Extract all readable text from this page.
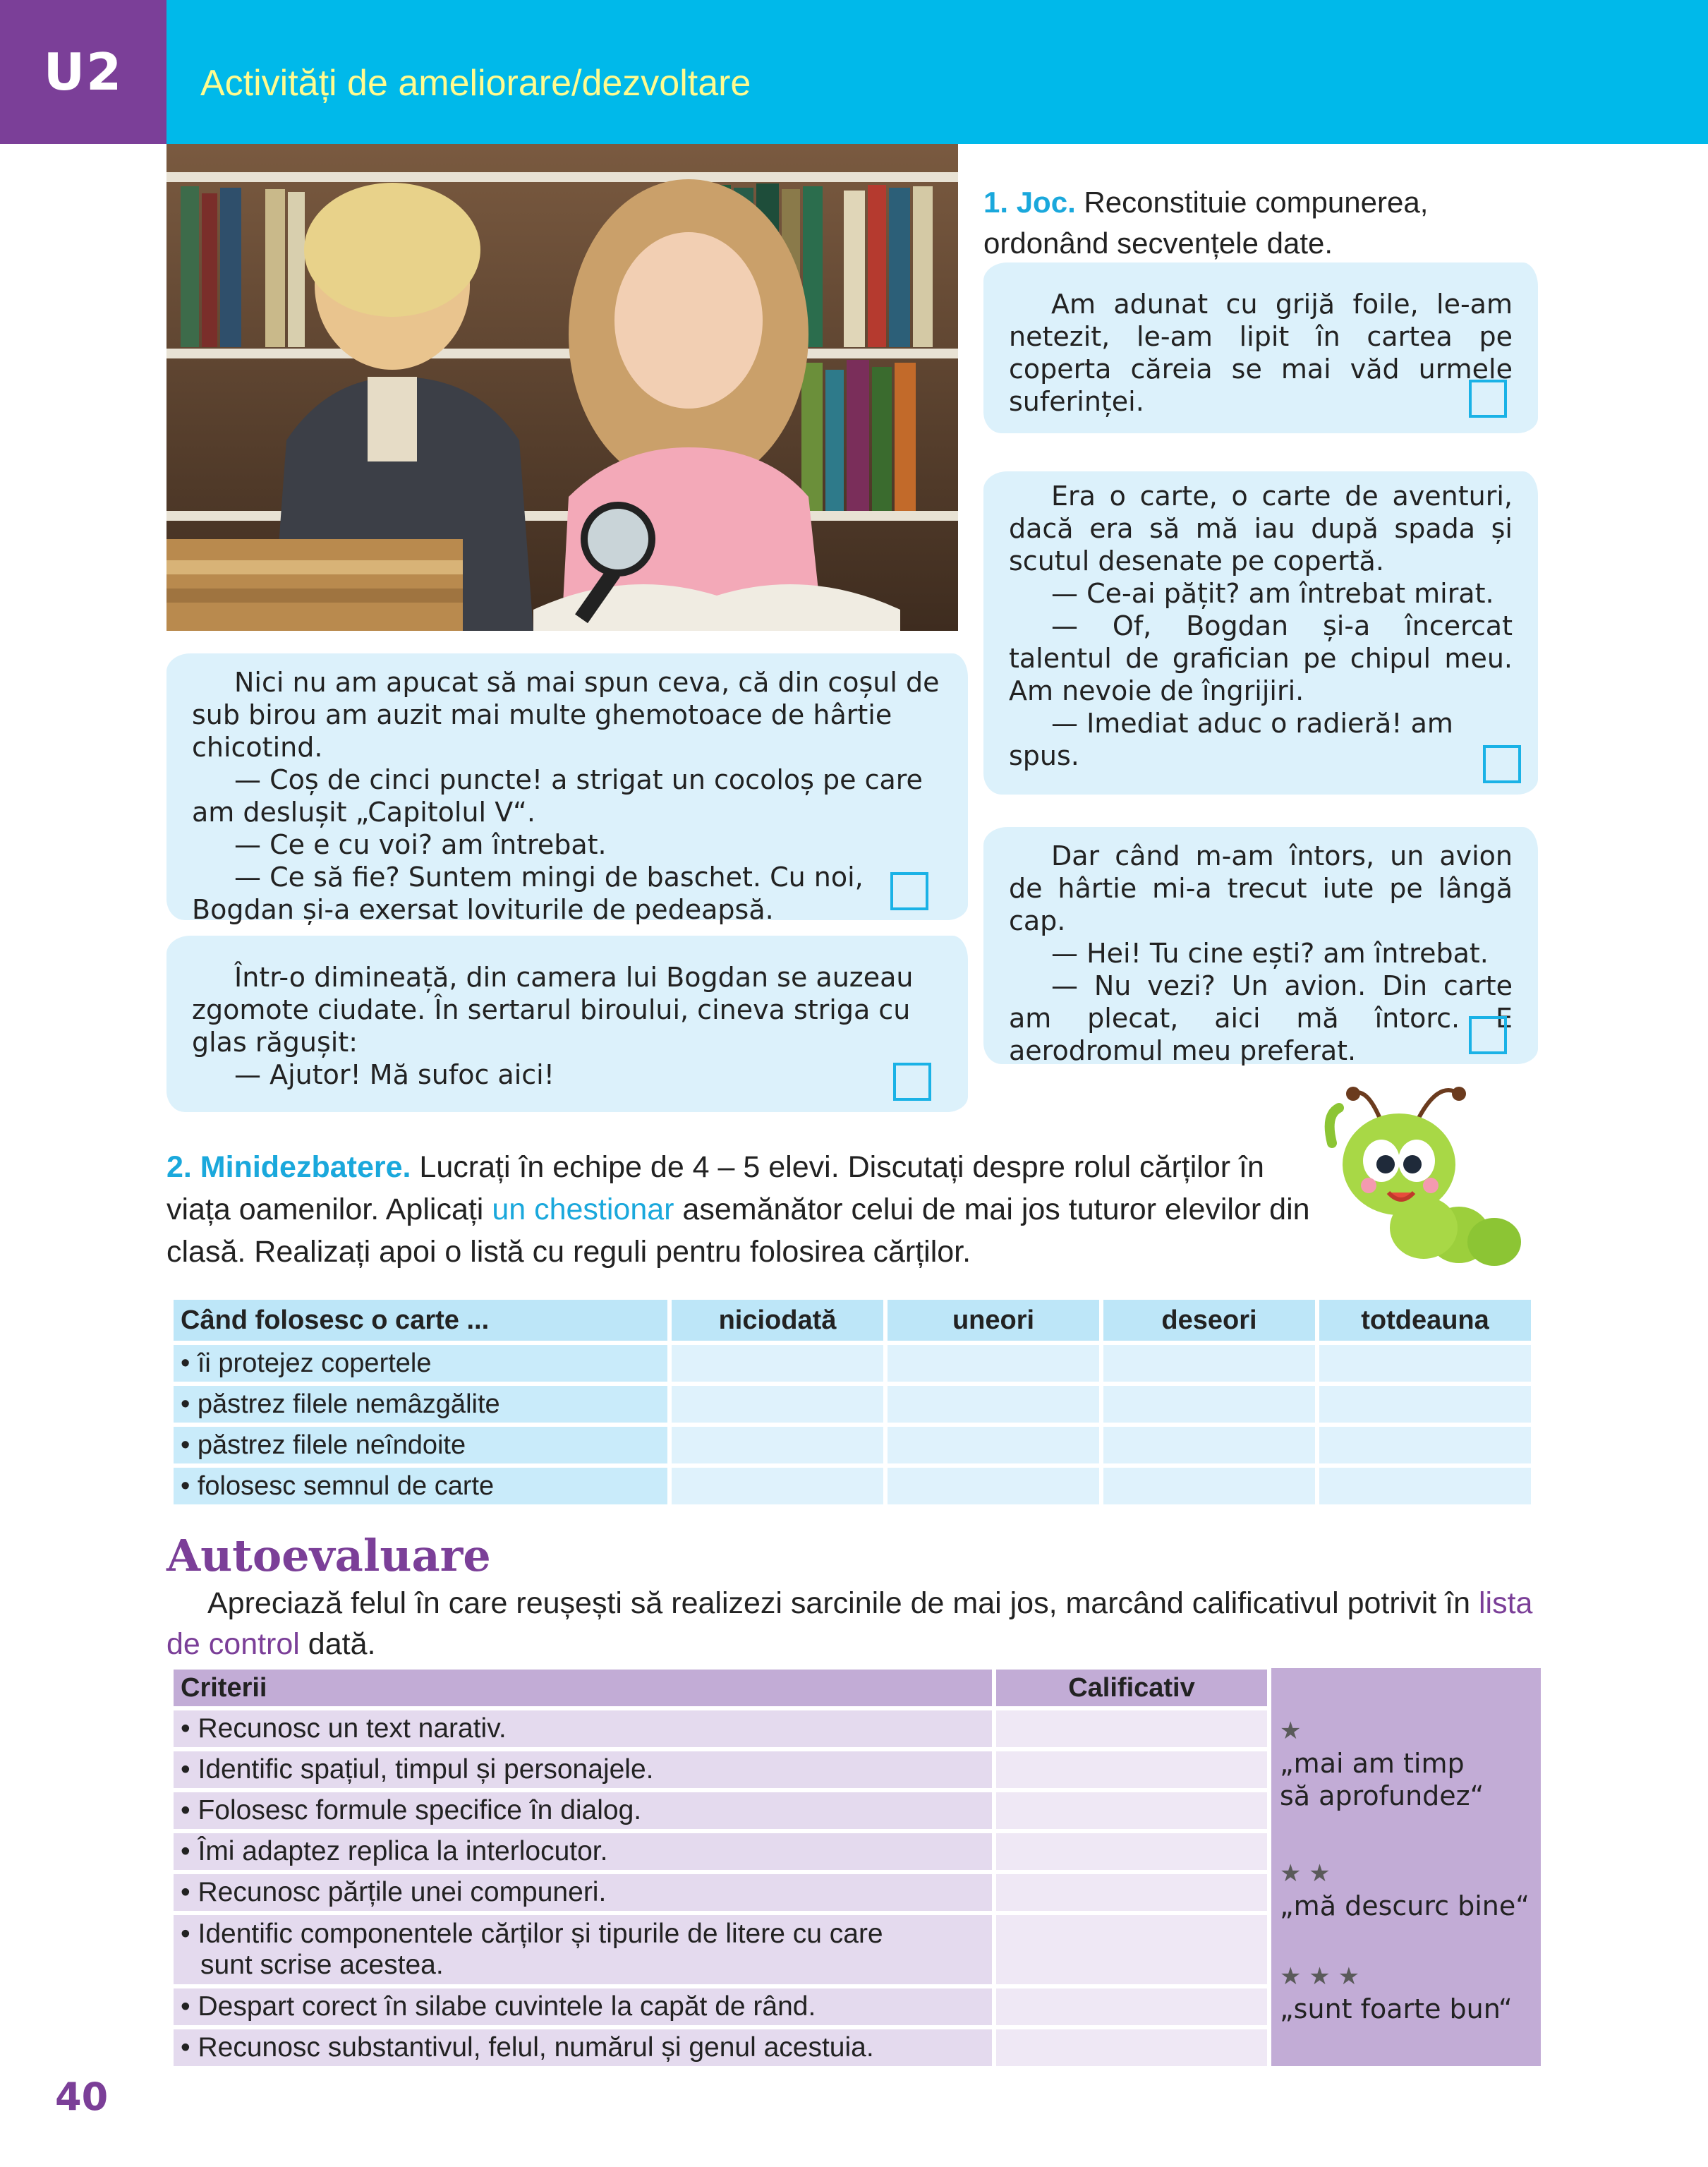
U2	Activități de ameliorare/dezvoltare
1. Joc. Reconstituie compunerea, ordonând secvențele date.

Am adunat cu grijă foile, le-am netezit, le-am lipit în cartea pe coperta căreia se mai văd urmele suferinței.

Era o carte, o carte de aventuri, dacă era să mă iau după spada și scutul desenate pe copertă.

— Ce-ai pățit? am întrebat mirat.

— Of, Bogdan și-a încercat talentul de grafician pe chipul meu. Am nevoie de îngrijiri.

— Imediat aduc o radieră! am spus.

Nici nu am apucat să mai spun ceva, că din coșul de sub birou am auzit mai multe ghemotoace de hârtie chicotind.

— Coș de cinci puncte! a strigat un cocoloș pe care am deslușit „Capitolul V“.

— Ce e cu voi? am întrebat.

— Ce să fie? Suntem mingi de baschet. Cu noi, Bogdan și-a exersat loviturile de pedeapsă.

Dar când m-am întors, un avion de hârtie mi-a trecut iute pe lângă cap.

— Hei! Tu cine ești? am întrebat.

— Nu vezi? Un avion. Din carte am plecat, aici mă întorc. E aerodromul meu preferat.

Într-o dimineață, din camera lui Bogdan se auzeau zgomote ciudate. În sertarul biroului, cineva striga cu glas răgușit:

— Ajutor! Mă sufoc aici!

2. Minidezbatere. Lucrați în echipe de 4 – 5 elevi. Discutați despre rolul cărților în viața oamenilor. Aplicați un chestionar asemănător celui de mai jos tuturor elevilor din clasă. Realizați apoi o listă cu reguli pentru folosirea cărților.
Când folosesc o carte ...	niciodată	uneori	deseori	totdeauna
• îi protejez copertele				
• păstrez filele nemâzgălite				
• păstrez filele neîndoite				
• folosesc semnul de carte				
Autoevaluare
Apreciază felul în care reușești să realizezi sarcinile de mai jos, marcând calificativul potrivit în lista de control dată.
Criterii	Calificativ
• Recunosc un text narativ.	
• Identific spațiul, timpul și personajele.	
• Folosesc formule specifice în dialog.	
• Îmi adaptez replica la interlocutor.	
• Recunosc părțile unei compuneri.	
• Identific componentele cărților și tipurile de litere cu care
sunt scrise acestea.	
• Despart corect în silabe cuvintele la capăt de rând.	
• Recunosc substantivul, felul, numărul și genul acestuia.	
★
„mai am timp
să aprofundez“
★ ★
„mă descurc bine“
★ ★ ★
„sunt foarte bun“
40
